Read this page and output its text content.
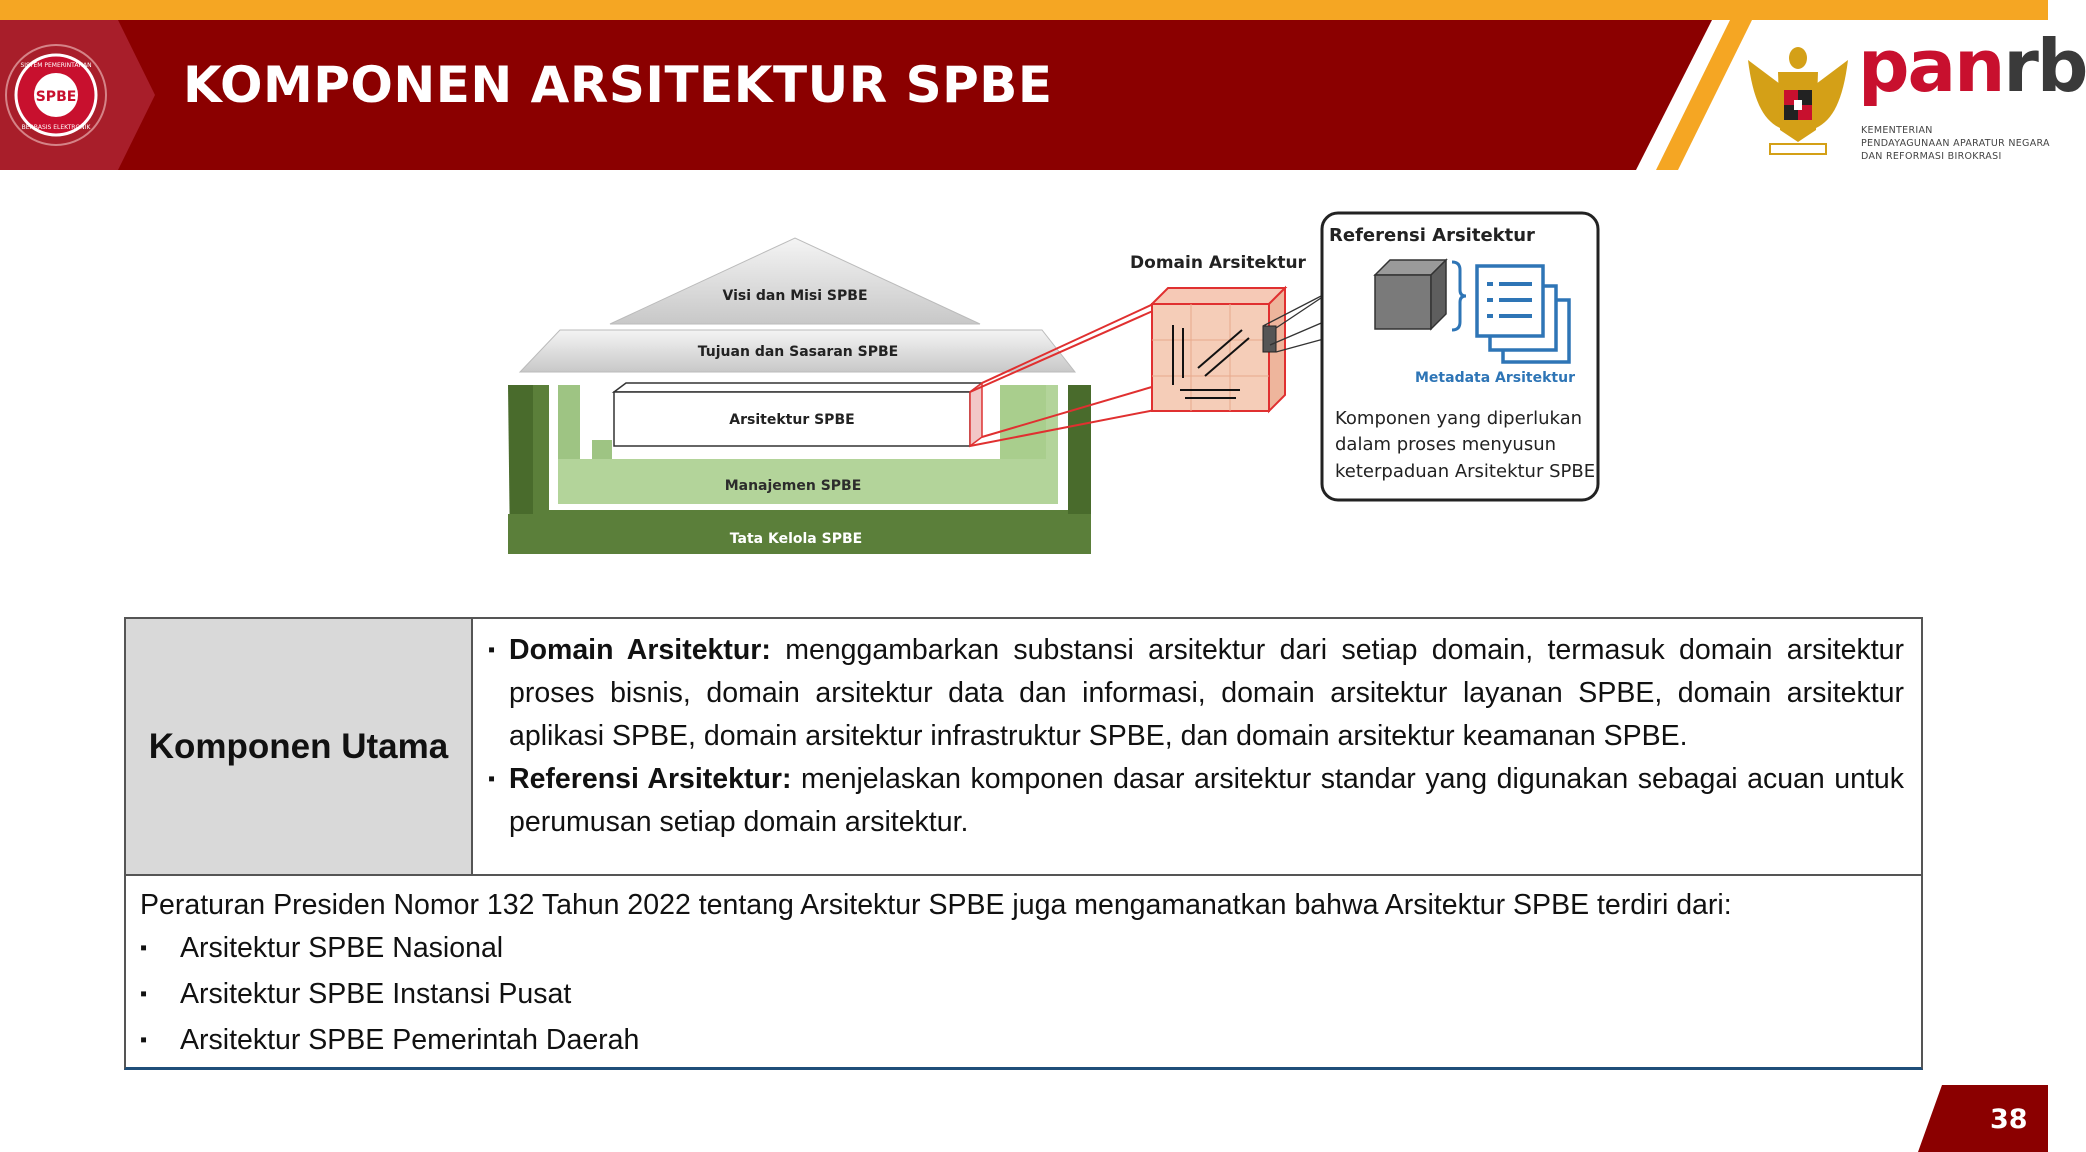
SPBE
SISTEM PEMERINTAHAN
BERBASIS ELEKTRONIK
KOMPONEN ARSITEKTUR SPBE	panrb
KEMENTERIAN
PENDAYAGUNAAN APARATUR NEGARA
DAN REFORMASI BIROKRASI
Tata Kelola SPBE
Manajemen SPBE
Tujuan dan Sasaran SPBE
Visi dan Misi SPBE
Arsitektur SPBE
Domain Arsitektur
Referensi Arsitektur
Metadata Arsitektur
Komponen yang diperlukan
dalam proses menyusun
keterpaduan Arsitektur SPBE
Komponen Utama
▪ Domain Arsitektur: menggambarkan substansi arsitektur dari setiap domain, termasuk domain arsitektur proses bisnis, domain arsitektur data dan informasi, domain arsitektur layanan SPBE, domain arsitektur aplikasi SPBE, domain arsitektur infrastruktur SPBE, dan domain arsitektur keamanan SPBE.
▪ Referensi Arsitektur: menjelaskan komponen dasar arsitektur standar yang digunakan sebagai acuan untuk perumusan setiap domain arsitektur.
Peraturan Presiden Nomor 132 Tahun 2022 tentang Arsitektur SPBE juga mengamanatkan bahwa Arsitektur SPBE terdiri dari:
▪ Arsitektur SPBE Nasional
▪ Arsitektur SPBE Instansi Pusat
▪ Arsitektur SPBE Pemerintah Daerah
38
